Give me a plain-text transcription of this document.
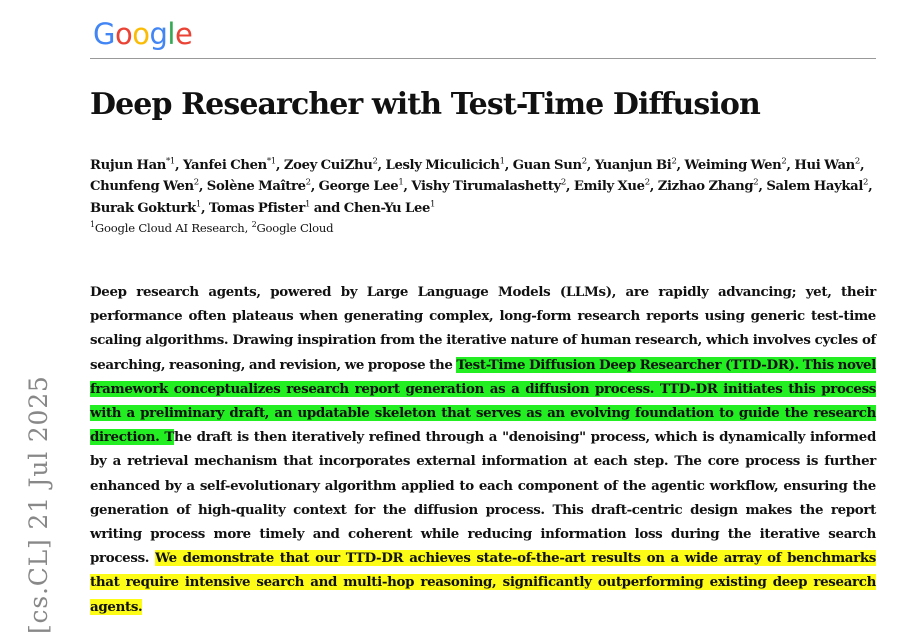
Google
Deep Researcher with Test-Time Diffusion
Rujun Han$^{*1}$, Yanfei Chen$^{*1}$, Zoey CuiZhu$^2$, Lesly Miculicich$^1$, Guan Sun$^2$, Yuanjun Bi$^2$, Weiming Wen$^2$, Hui Wan$^2$, Chunfeng Wen$^2$, Solène Maître$^2$, George Lee$^1$, Vishy Tirumalashetty$^2$, Emily Xue$^2$, Zizhao Zhang$^2$, Salem Haykal$^2$, Burak Gokturk$^1$, Tomas Pfister$^1$ and Chen-Yu Lee$^1$
$^1$Google Cloud AI Research, $^2$Google Cloud
Deep research agents, powered by Large Language Models (LLMs), are rapidly advancing; yet, their performance often plateaus when generating complex, long-form research reports using generic test-time scaling algorithms. Drawing inspiration from the iterative nature of human research, which involves cycles of searching, reasoning, and revision, we propose the Test-Time Diffusion Deep Researcher (TTD-DR). This novel framework conceptualizes research report generation as a diffusion process. TTD-DR initiates this process with a preliminary draft, an updatable skeleton that serves as an evolving foundation to guide the research direction. The draft is then iteratively refined through a "denoising" process, which is dynamically informed by a retrieval mechanism that incorporates external information at each step. The core process is further enhanced by a self-evolutionary algorithm applied to each component of the agentic workflow, ensuring the generation of high-quality context for the diffusion process. This draft-centric design makes the report writing process more timely and coherent while reducing information loss during the iterative search process. We demonstrate that our TTD-DR achieves state-of-the-art results on a wide array of benchmarks that require intensive search and multi-hop reasoning, significantly outperforming existing deep research agents.
[cs.CL] 21 Jul 2025
